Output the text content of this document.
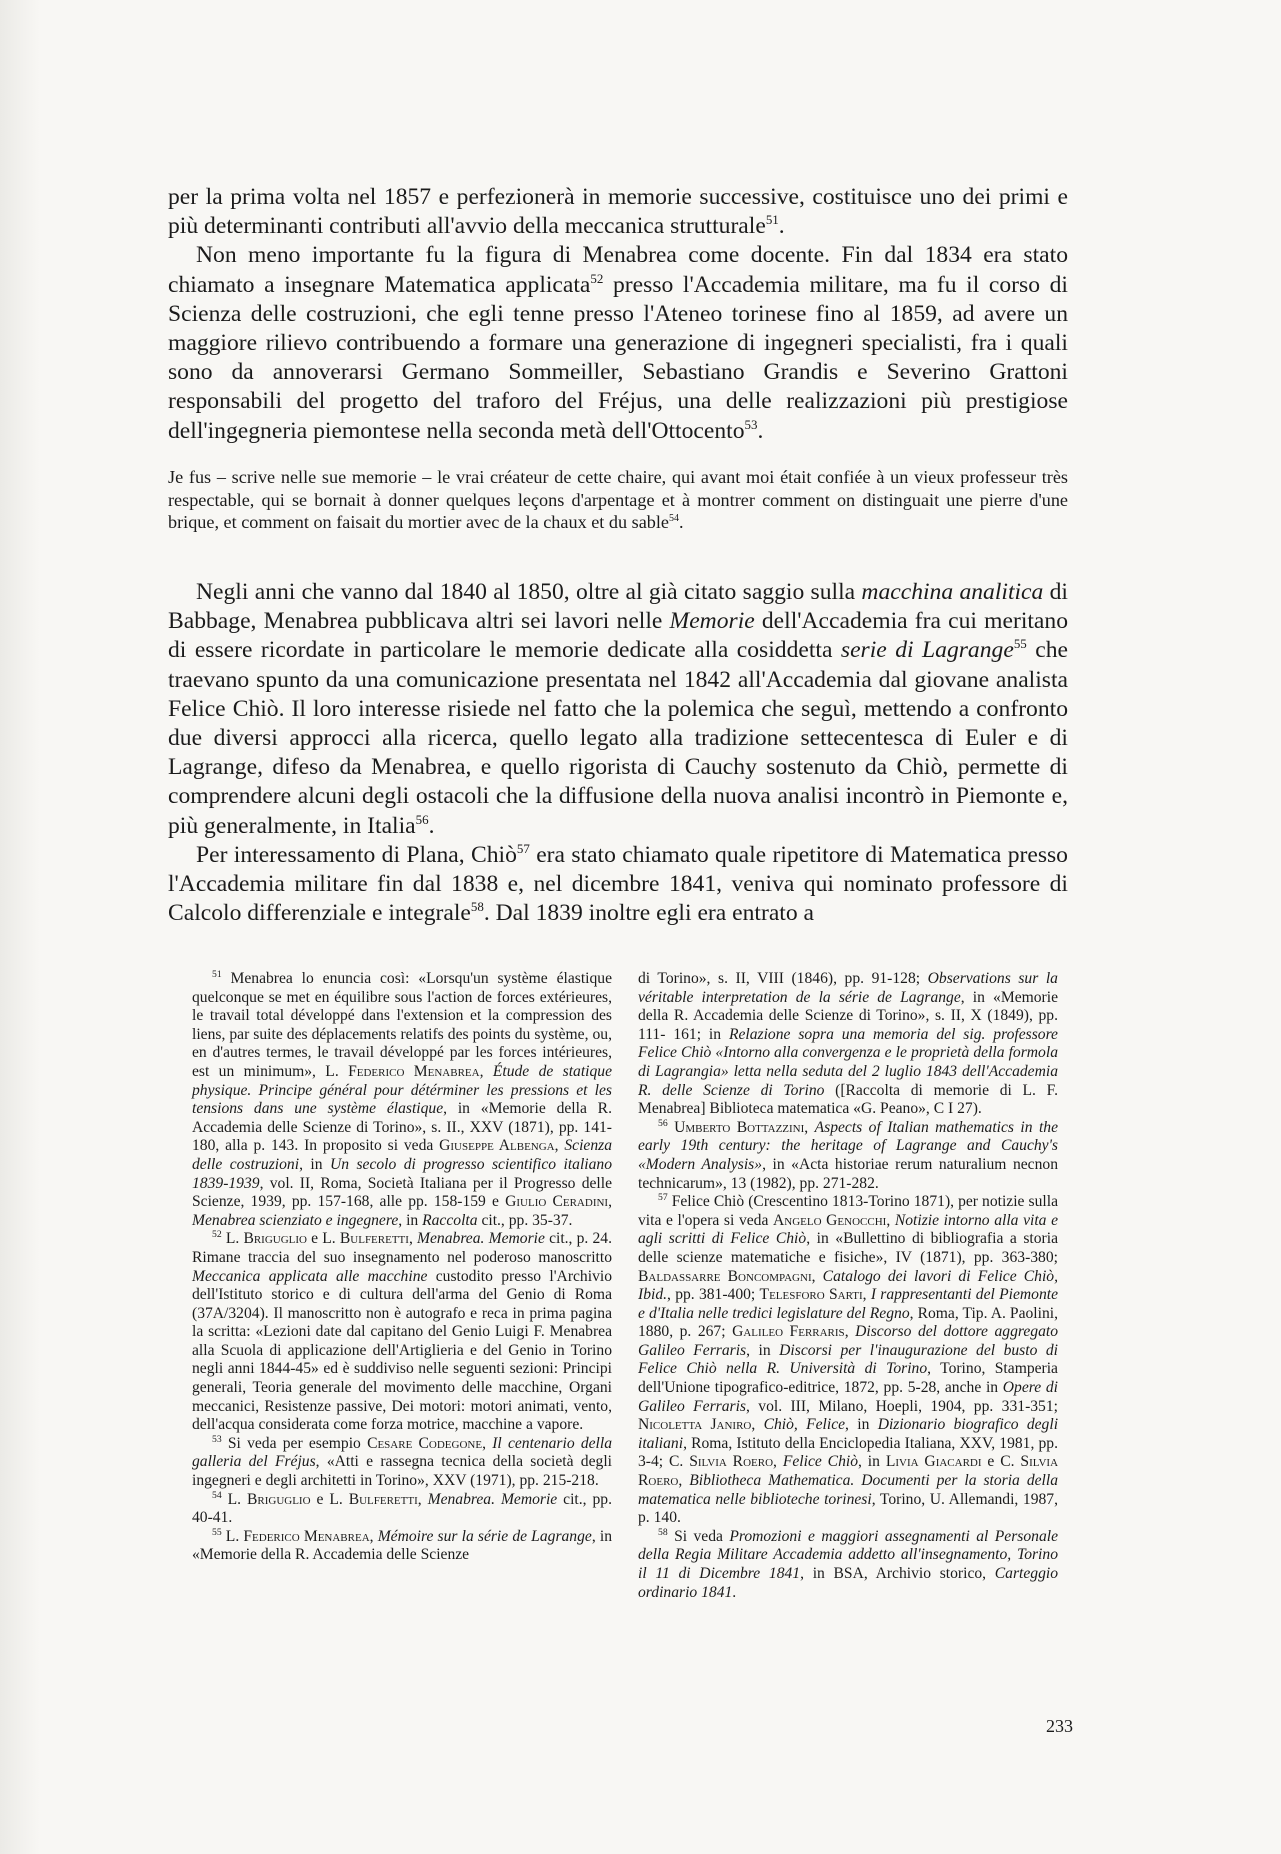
per la prima volta nel 1857 e perfezionerà in memorie successive, costituisce uno dei primi e più determinanti contributi all'avvio della meccanica strutturale$^{51}$.

Non meno importante fu la figura di Menabrea come docente. Fin dal 1834 era stato chiamato a insegnare Matematica applicata$^{52}$ presso l'Accademia militare, ma fu il corso di Scienza delle costruzioni, che egli tenne presso l'Ateneo torinese fino al 1859, ad avere un maggiore rilievo contribuendo a formare una generazione di ingegneri specialisti, fra i quali sono da annoverarsi Germano Sommeiller, Sebastiano Grandis e Severino Grattoni responsabili del progetto del traforo del Fréjus, una delle realizzazioni più prestigiose dell'ingegneria piemontese nella seconda metà dell'Ottocento$^{53}$.

Je fus – scrive nelle sue memorie – le vrai créateur de cette chaire, qui avant moi était confiée à un vieux professeur très respectable, qui se bornait à donner quelques leçons d'arpentage et à montrer comment on distinguait une pierre d'une brique, et comment on faisait du mortier avec de la chaux et du sable$^{54}$.

Negli anni che vanno dal 1840 al 1850, oltre al già citato saggio sulla macchina analitica di Babbage, Menabrea pubblicava altri sei lavori nelle Memorie dell'Accademia fra cui meritano di essere ricordate in particolare le memorie dedicate alla cosiddetta serie di Lagrange$^{55}$ che traevano spunto da una comunicazione presentata nel 1842 all'Accademia dal giovane analista Felice Chiò. Il loro interesse risiede nel fatto che la polemica che seguì, mettendo a confronto due diversi approcci alla ricerca, quello legato alla tradizione settecentesca di Euler e di Lagrange, difeso da Menabrea, e quello rigorista di Cauchy sostenuto da Chiò, permette di comprendere alcuni degli ostacoli che la diffusione della nuova analisi incontrò in Piemonte e, più generalmente, in Italia$^{56}$.

Per interessamento di Plana, Chiò$^{57}$ era stato chiamato quale ripetitore di Matematica presso l'Accademia militare fin dal 1838 e, nel dicembre 1841, veniva qui nominato professore di Calcolo differenziale e integrale$^{58}$. Dal 1839 inoltre egli era entrato a

$^{51}$ Menabrea lo enuncia così: «Lorsqu'un système élastique quelconque se met en équilibre sous l'action de forces extérieures, le travail total développé dans l'extension et la compression des liens, par suite des déplacements relatifs des points du système, ou, en d'autres termes, le travail développé par les forces intérieures, est un minimum», L. Federico Menabrea, Étude de statique physique. Principe général pour détérminer les pressions et les tensions dans une système élastique, in «Memorie della R. Accademia delle Scienze di Torino», s. II., XXV (1871), pp. 141-180, alla p. 143. In proposito si veda Giuseppe Albenga, Scienza delle costruzioni, in Un secolo di progresso scientifico italiano 1839-1939, vol. II, Roma, Società Italiana per il Progresso delle Scienze, 1939, pp. 157-168, alle pp. 158-159 e Giulio Ceradini, Menabrea scienziato e ingegnere, in Raccolta cit., pp. 35-37.

$^{52}$ L. Briguglio e L. Bulferetti, Menabrea. Memorie cit., p. 24. Rimane traccia del suo insegnamento nel poderoso manoscritto Meccanica applicata alle macchine custodito presso l'Archivio dell'Istituto storico e di cultura dell'arma del Genio di Roma (37A/3204). Il manoscritto non è autografo e reca in prima pagina la scritta: «Lezioni date dal capitano del Genio Luigi F. Menabrea alla Scuola di applicazione dell'Artiglieria e del Genio in Torino negli anni 1844-45» ed è suddiviso nelle seguenti sezioni: Principi generali, Teoria generale del movimento delle macchine, Organi meccanici, Resistenze passive, Dei motori: motori animati, vento, dell'acqua considerata come forza motrice, macchine a vapore.

$^{53}$ Si veda per esempio Cesare Codegone, Il centenario della galleria del Fréjus, «Atti e rassegna tecnica della società degli ingegneri e degli architetti in Torino», XXV (1971), pp. 215-218.

$^{54}$ L. Briguglio e L. Bulferetti, Menabrea. Memorie cit., pp. 40-41.

$^{55}$ L. Federico Menabrea, Mémoire sur la série de Lagrange, in «Memorie della R. Accademia delle Scienze

di Torino», s. II, VIII (1846), pp. 91-128; Observations sur la véritable interpretation de la série de Lagrange, in «Memorie della R. Accademia delle Scienze di Torino», s. II, X (1849), pp. 111- 161; in Relazione sopra una memoria del sig. professore Felice Chiò «Intorno alla convergenza e le proprietà della formola di Lagrangia» letta nella seduta del 2 luglio 1843 dell'Accademia R. delle Scienze di Torino ([Raccolta di memorie di L. F. Menabrea] Biblioteca matematica «G. Peano», C I 27).

$^{56}$ Umberto Bottazzini, Aspects of Italian mathematics in the early 19th century: the heritage of Lagrange and Cauchy's «Modern Analysis», in «Acta historiae rerum naturalium necnon technicarum», 13 (1982), pp. 271-282.

$^{57}$ Felice Chiò (Crescentino 1813-Torino 1871), per notizie sulla vita e l'opera si veda Angelo Genocchi, Notizie intorno alla vita e agli scritti di Felice Chiò, in «Bullettino di bibliografia a storia delle scienze matematiche e fisiche», IV (1871), pp. 363-380; Baldassarre Boncompagni, Catalogo dei lavori di Felice Chiò, Ibid., pp. 381-400; Telesforo Sarti, I rappresentanti del Piemonte e d'Italia nelle tredici legislature del Regno, Roma, Tip. A. Paolini, 1880, p. 267; Galileo Ferraris, Discorso del dottore aggregato Galileo Ferraris, in Discorsi per l'inaugurazione del busto di Felice Chiò nella R. Università di Torino, Torino, Stamperia dell'Unione tipografico-editrice, 1872, pp. 5-28, anche in Opere di Galileo Ferraris, vol. III, Milano, Hoepli, 1904, pp. 331-351; Nicoletta Janiro, Chiò, Felice, in Dizionario biografico degli italiani, Roma, Istituto della Enciclopedia Italiana, XXV, 1981, pp. 3-4; C. Silvia Roero, Felice Chiò, in Livia Giacardi e C. Silvia Roero, Bibliotheca Mathematica. Documenti per la storia della matematica nelle biblioteche torinesi, Torino, U. Allemandi, 1987, p. 140.

$^{58}$ Si veda Promozioni e maggiori assegnamenti al Personale della Regia Militare Accademia addetto all'insegnamento, Torino il 11 di Dicembre 1841, in BSA, Archivio storico, Carteggio ordinario 1841.

233
